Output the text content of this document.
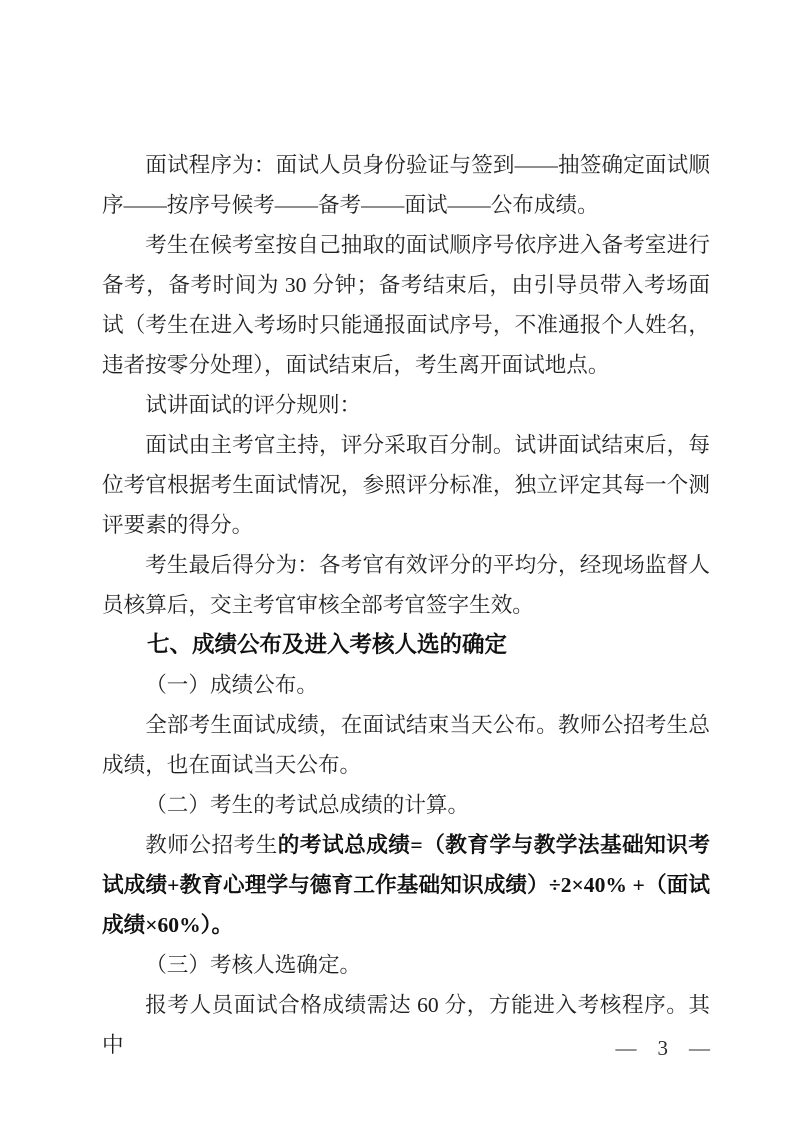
面试程序为：面试人员身份验证与签到——抽签确定面试顺序——按序号候考——备考——面试——公布成绩。

考生在候考室按自己抽取的面试顺序号依序进入备考室进行备考，备考时间为 30 分钟；备考结束后，由引导员带入考场面试（考生在进入考场时只能通报面试序号，不准通报个人姓名，违者按零分处理），面试结束后，考生离开面试地点。

试讲面试的评分规则：

面试由主考官主持，评分采取百分制。试讲面试结束后，每位考官根据考生面试情况，参照评分标准，独立评定其每一个测评要素的得分。

考生最后得分为：各考官有效评分的平均分，经现场监督人员核算后，交主考官审核全部考官签字生效。

七、成绩公布及进入考核人选的确定

（一）成绩公布。

全部考生面试成绩，在面试结束当天公布。教师公招考生总成绩，也在面试当天公布。

（二）考生的考试总成绩的计算。

教师公招考生的考试总成绩=（教育学与教学法基础知识考试成绩+教育心理学与德育工作基础知识成绩）÷2×40% +（面试成绩×60%）。

（三）考核人选确定。

报考人员面试合格成绩需达 60 分，方能进入考核程序。其中	— 3 —
